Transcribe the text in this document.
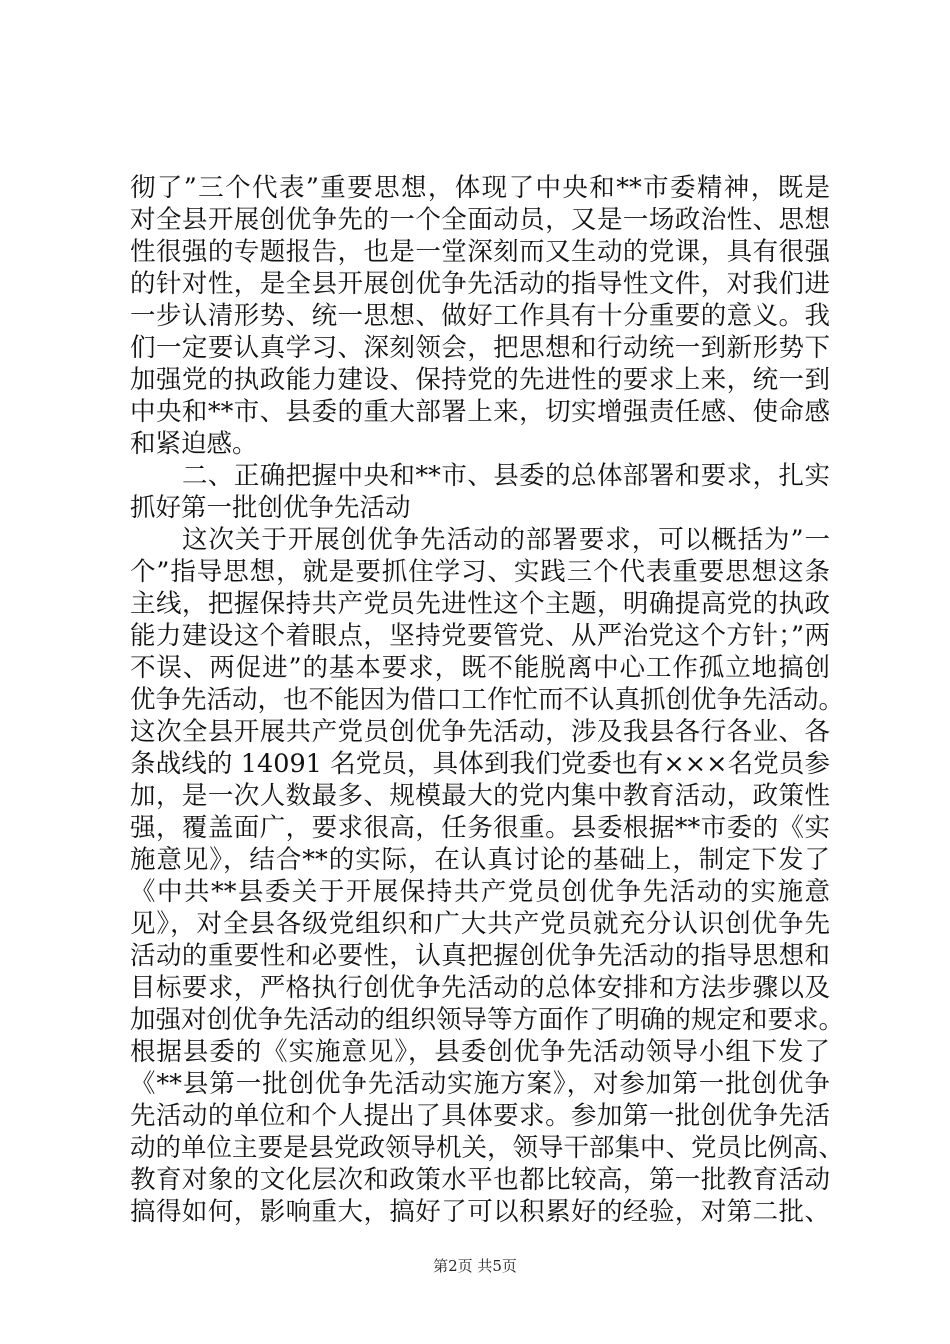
彻了”三个代表”重要思想，体现了中央和**市委精神，既是
对全县开展创优争先的一个全面动员，又是一场政治性、思想
性很强的专题报告，也是一堂深刻而又生动的党课，具有很强
的针对性，是全县开展创优争先活动的指导性文件，对我们进
一步认清形势、统一思想、做好工作具有十分重要的意义。我
们一定要认真学习、深刻领会，把思想和行动统一到新形势下
加强党的执政能力建设、保持党的先进性的要求上来，统一到
中央和**市、县委的重大部署上来，切实增强责任感、使命感
和紧迫感。
二、正确把握中央和**市、县委的总体部署和要求，扎实
抓好第一批创优争先活动
这次关于开展创优争先活动的部署要求，可以概括为”一
个”指导思想，就是要抓住学习、实践三个代表重要思想这条
主线，把握保持共产党员先进性这个主题，明确提高党的执政
能力建设这个着眼点，坚持党要管党、从严治党这个方针；”两
不误、两促进”的基本要求，既不能脱离中心工作孤立地搞创
优争先活动，也不能因为借口工作忙而不认真抓创优争先活动。
这次全县开展共产党员创优争先活动，涉及我县各行各业、各
条战线的 14091 名党员，具体到我们党委也有×××名党员参
加，是一次人数最多、规模最大的党内集中教育活动，政策性
强，覆盖面广，要求很高，任务很重。县委根据**市委的《实
施意见》，结合**的实际，在认真讨论的基础上，制定下发了
《中共**县委关于开展保持共产党员创优争先活动的实施意
见》，对全县各级党组织和广大共产党员就充分认识创优争先
活动的重要性和必要性，认真把握创优争先活动的指导思想和
目标要求，严格执行创优争先活动的总体安排和方法步骤以及
加强对创优争先活动的组织领导等方面作了明确的规定和要求。
根据县委的《实施意见》，县委创优争先活动领导小组下发了
《**县第一批创优争先活动实施方案》，对参加第一批创优争
先活动的单位和个人提出了具体要求。参加第一批创优争先活
动的单位主要是县党政领导机关，领导干部集中、党员比例高、
教育对象的文化层次和政策水平也都比较高，第一批教育活动
搞得如何，影响重大，搞好了可以积累好的经验，对第二批、
第2页 共5页
